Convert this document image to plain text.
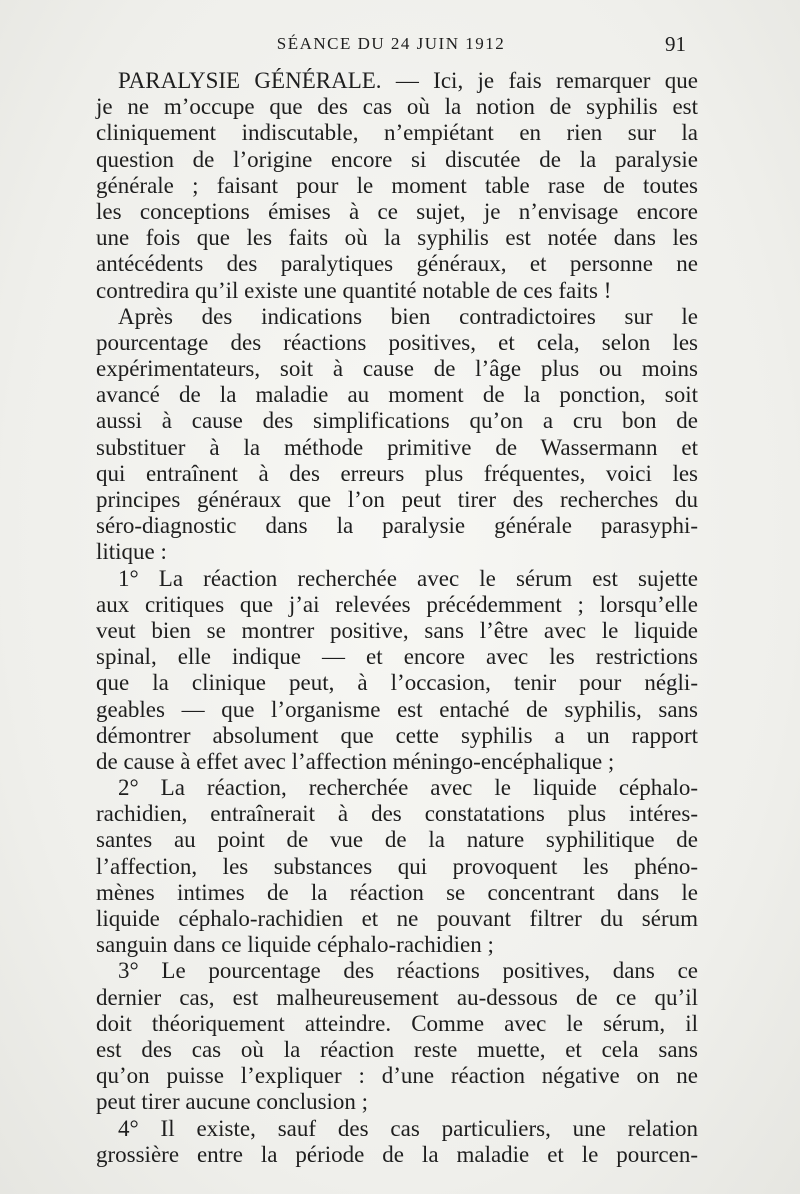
SÉANCE DU 24 JUIN 1912	91
PARALYSIE GÉNÉRALE. — Ici, je fais remarquer que
je ne m’occupe que des cas où la notion de syphilis est
cliniquement indiscutable, n’empiétant en rien sur la
question de l’origine encore si discutée de la paralysie
générale ; faisant pour le moment table rase de toutes
les conceptions émises à ce sujet, je n’envisage encore
une fois que les faits où la syphilis est notée dans les
antécédents des paralytiques généraux, et personne ne
contredira qu’il existe une quantité notable de ces faits !
Après des indications bien contradictoires sur le
pourcentage des réactions positives, et cela, selon les
expérimentateurs, soit à cause de l’âge plus ou moins
avancé de la maladie au moment de la ponction, soit
aussi à cause des simplifications qu’on a cru bon de
substituer à la méthode primitive de Wassermann et
qui entraînent à des erreurs plus fréquentes, voici les
principes généraux que l’on peut tirer des recherches du
séro-diagnostic dans la paralysie générale parasyphi-
litique :
1° La réaction recherchée avec le sérum est sujette
aux critiques que j’ai relevées précédemment ; lorsqu’elle
veut bien se montrer positive, sans l’être avec le liquide
spinal, elle indique — et encore avec les restrictions
que la clinique peut, à l’occasion, tenir pour négli-
geables — que l’organisme est entaché de syphilis, sans
démontrer absolument que cette syphilis a un rapport
de cause à effet avec l’affection méningo-encéphalique ;
2° La réaction, recherchée avec le liquide céphalo-
rachidien, entraînerait à des constatations plus intéres-
santes au point de vue de la nature syphilitique de
l’affection, les substances qui provoquent les phéno-
mènes intimes de la réaction se concentrant dans le
liquide céphalo-rachidien et ne pouvant filtrer du sérum
sanguin dans ce liquide céphalo-rachidien ;
3° Le pourcentage des réactions positives, dans ce
dernier cas, est malheureusement au-dessous de ce qu’il
doit théoriquement atteindre. Comme avec le sérum, il
est des cas où la réaction reste muette, et cela sans
qu’on puisse l’expliquer : d’une réaction négative on ne
peut tirer aucune conclusion ;
4° Il existe, sauf des cas particuliers, une relation
grossière entre la période de la maladie et le pourcen-
